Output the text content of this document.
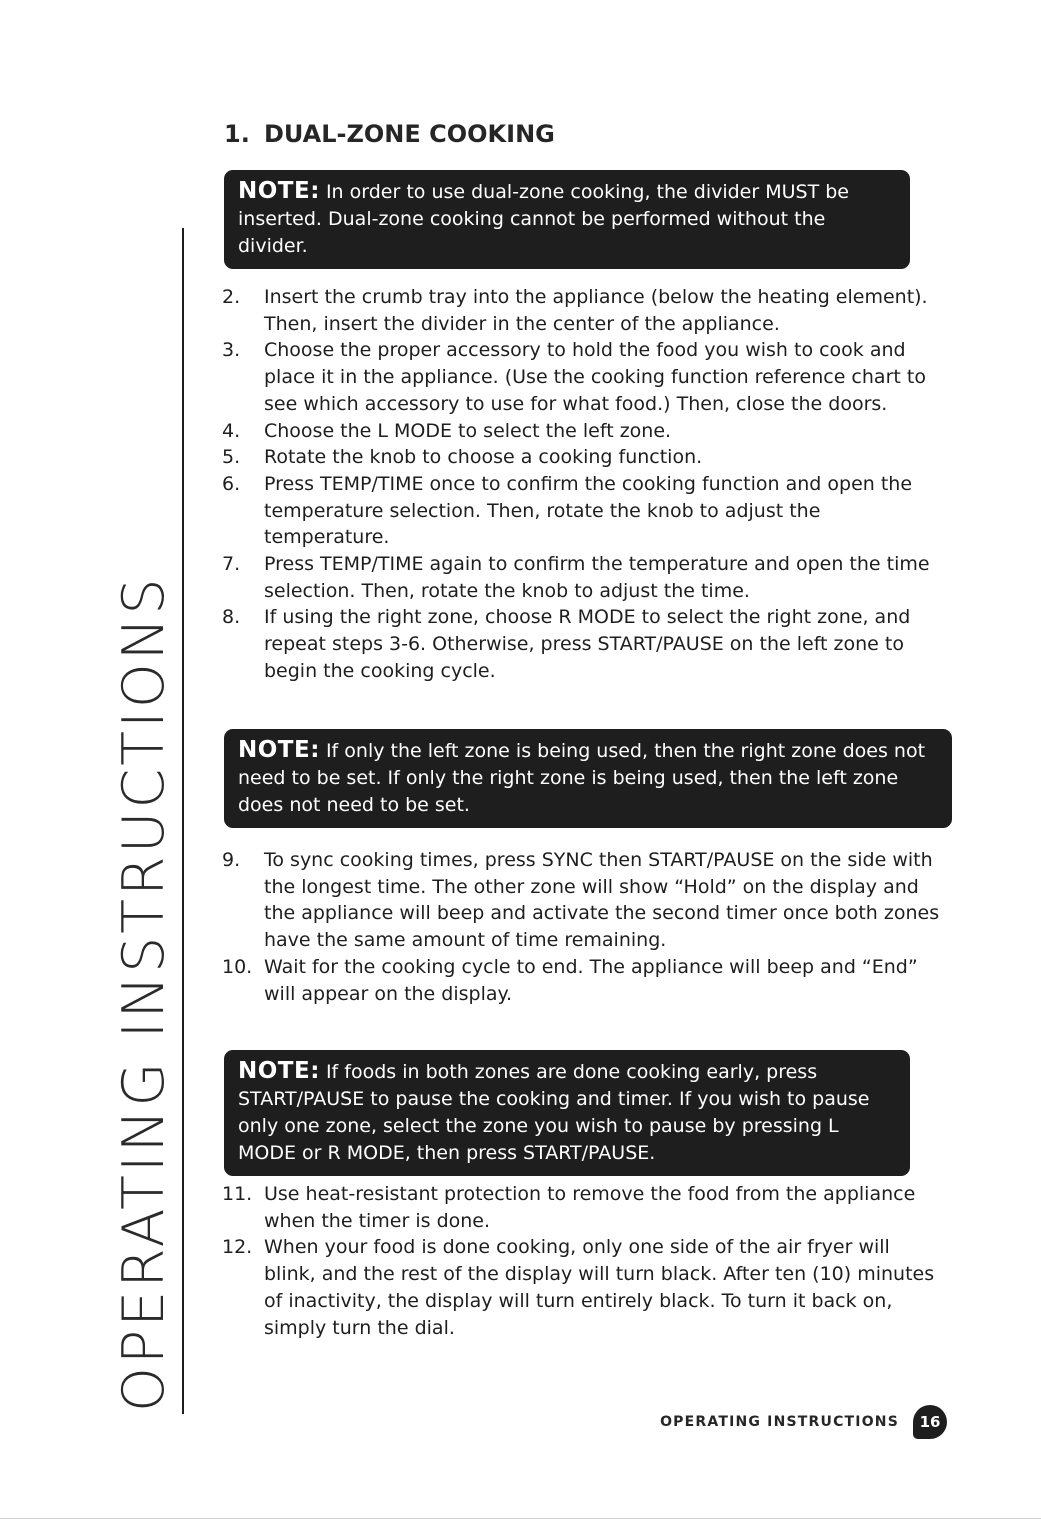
OPERATING INSTRUCTIONS
1. DUAL-ZONE COOKING
NOTE: In order to use dual-zone cooking, the divider MUST be inserted. Dual-zone cooking cannot be performed without the divider.
2. Insert the crumb tray into the appliance (below the heating element). Then, insert the divider in the center of the appliance.
3. Choose the proper accessory to hold the food you wish to cook and place it in the appliance. (Use the cooking function reference chart to see which accessory to use for what food.) Then, close the doors.
4. Choose the L MODE to select the left zone.
5. Rotate the knob to choose a cooking function.
6. Press TEMP/TIME once to confirm the cooking function and open the temperature selection. Then, rotate the knob to adjust the temperature.
7. Press TEMP/TIME again to confirm the temperature and open the time selection. Then, rotate the knob to adjust the time.
8. If using the right zone, choose R MODE to select the right zone, and repeat steps 3-6. Otherwise, press START/PAUSE on the left zone to begin the cooking cycle.
NOTE: If only the left zone is being used, then the right zone does not need to be set. If only the right zone is being used, then the left zone does not need to be set.
9. To sync cooking times, press SYNC then START/PAUSE on the side with the longest time. The other zone will show “Hold” on the display and the appliance will beep and activate the second timer once both zones have the same amount of time remaining.
10. Wait for the cooking cycle to end. The appliance will beep and “End” will appear on the display.
NOTE: If foods in both zones are done cooking early, press START/PAUSE to pause the cooking and timer. If you wish to pause only one zone, select the zone you wish to pause by pressing L MODE or R MODE, then press START/PAUSE.
11. Use heat-resistant protection to remove the food from the appliance when the timer is done.
12. When your food is done cooking, only one side of the air fryer will blink, and the rest of the display will turn black. After ten (10) minutes of inactivity, the display will turn entirely black. To turn it back on, simply turn the dial.
OPERATING INSTRUCTIONS	16
